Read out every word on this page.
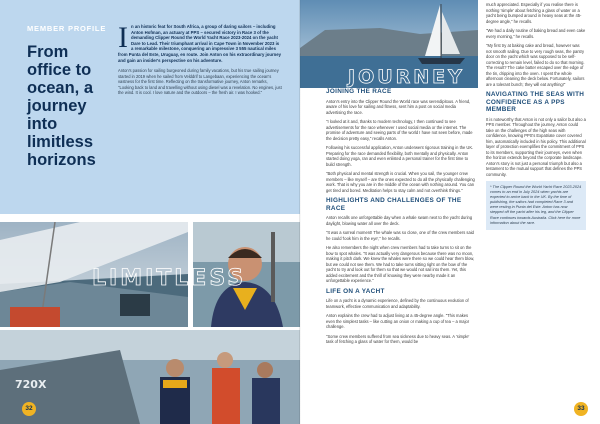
MEMBER PROFILE
From office to ocean, a journey into limitless horizons
I n an historic feat for South Africa, a group of daring sailors – including Anton Hofman, an actuary at PPS – secured victory in Race 3 of the demanding Clipper Round the World Yacht Race 2023-2024 on the yacht Dare to Lead. Their triumphant arrival in Cape Town in November 2023 is a remarkable milestone, conquering an impressive 3 555 nautical miles from Punta del Este, Uruguay, en route. Join Anton on his extraordinary journey and gain an insider's perspective on his adventure.

Anton's passion for sailing burgeoned during family vacations, but his true sailing journey started in 2019 when he sailed from Velddrif to Langebaan, experiencing the ocean's vastness for the first time. Reflecting on the transformative journey, Anton remarks, "Looking back to land and travelling without using diesel was a revelation. No engines, just the wind. It is cool. I love nature and the outdoors – the fresh air. I was hooked."

LIMITLESS
720X
32
JOURNEY
JOINING THE RACE

Anton's entry into the Clipper Round the World race was serendipitous. A friend, aware of his love for sailing and fitness, sent him a post on social media advertising the race.

"I looked at it and, thanks to modern technology, I then continued to see advertisements for the race whenever I used social media or the internet. The promise of adventure and seeing parts of the world I have not seen before, made the decision pretty easy," recalls Anton.

Following his successful application, Anton underwent rigorous training in the UK. Preparing for the race demanded flexibility, both mentally and physically. Anton started doing yoga, ran and even enlisted a personal trainer for the first time to build strength.

"Both physical and mental strength is crucial. When you sail, the younger crew members – like myself – are the ones expected to do all the physically challenging work. That is why you are in the middle of the ocean with nothing around. You can get tired and bored. Meditation helps to stay calm and not overthink things."

HIGHLIGHTS AND CHALLENGES OF THE RACE

Anton recalls one unforgettable day when a whale swam next to the yacht during daylight, blowing water all over the deck.

"It was a surreal moment! The whale was so close, one of the crew members said he could 'look him in the eye'," he recalls.

He also remembers the night when crew members had to take turns to sit on the bow to spot whales. "It was actually very dangerous because there was no moon, making it pitch dark. We knew the whales were there so we could hear them blow, but we could not see them. We had to take turns sitting right on the bow of the yacht to try and look out for them so that we would not sail into them. Yet, this added excitement and the thrill of knowing they were nearby made it an unforgettable experience."

LIFE ON A YACHT

Life on a yacht is a dynamic experience, defined by the continuous evolution of teamwork, effective communication and adaptability.

Anton explains the crew had to adjust living at a 45-degree angle. "This makes even the simplest tasks – like cutting an onion or making a cup of tea – a major challenge.

"Some crew members suffered from sea sickness due to heavy seas. A 'simple' task of fetching a glass of water for them, would be

much appreciated. Especially if you realise there is nothing 'simple' about fetching a glass of water on a yacht being bumped around in heavy seas at the 45-degree angle," he recalls.

"We had a daily routine of baking bread and even cake every morning," he recalls.

"My first try at baking cake and bread, however was not smooth sailing. Due to very rough seas, the pantry door on the yacht which was supposed to be self-correcting to remain level, failed to do so that morning. The result? The cake batter escaped over the edge of the tin, dripping into the oven. I spent the whole afternoon cleaning the deck below. Fortunately, sailors are a tolerant bunch; they will eat anything!"

NAVIGATING THE SEAS WITH CONFIDENCE AS A PPS MEMBER

It is noteworthy that Anton is not only a sailor but also a PPS member. Throughout the journey, Anton could take on the challenges of the high seas with confidence, knowing PPS's Expatriate cover covered him, automatically included in his policy. This additional layer of protection exemplifies the commitment of PPS to its members, supporting their journeys, even when the horizon extends beyond the corporate landscape. Anton's story is not just a personal triumph but also a testament to the mutual support that defines the PPS community.

* The Clipper Round the World Yacht Race 2023-2024 comes to an end in July 2024 when yachts are expected to arrive back in the UK. By the time of publishing, the sailors had completed Race 3 and were resting in Punta del Este. Anton has now stepped off the yacht after his leg, and the Clipper Race continues towards Australia. Click here for more information about the race.
33
